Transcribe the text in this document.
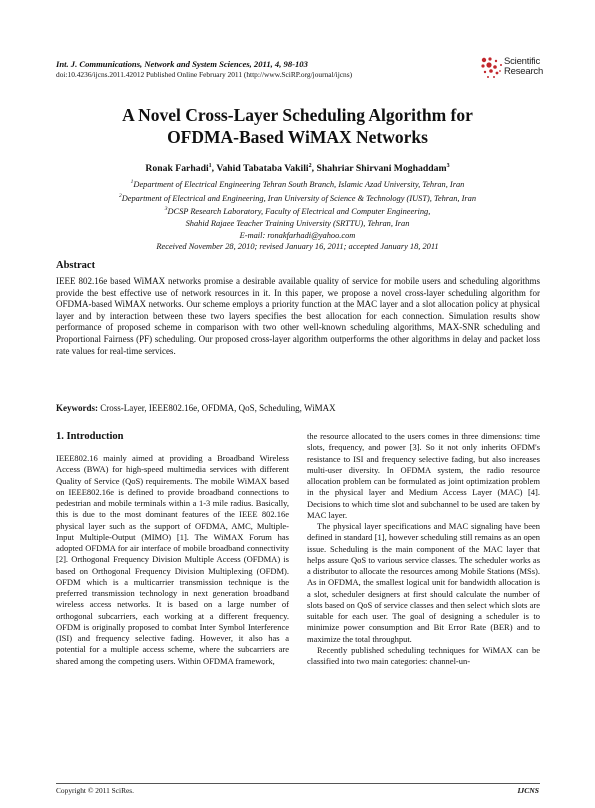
Int. J. Communications, Network and System Sciences, 2011, 4, 98-103
doi:10.4236/ijcns.2011.42012 Published Online February 2011 (http://www.SciRP.org/journal/ijcns)
Scientific
Research
A Novel Cross-Layer Scheduling Algorithm for
OFDMA-Based WiMAX Networks
Ronak Farhadi$^1$, Vahid Tabataba Vakili$^2$, Shahriar Shirvani Moghaddam$^3$
$^1$Department of Electrical Engineering Tehran South Branch, Islamic Azad University, Tehran, Iran
$^2$Department of Electrical and Engineering, Iran University of Science & Technology (IUST), Tehran, Iran
$^3$DCSP Research Laboratory, Faculty of Electrical and Computer Engineering,
Shahid Rajaee Teacher Training University (SRTTU), Tehran, Iran
E-mail: ronakfarhadi@yahoo.com
Received November 28, 2010; revised January 16, 2011; accepted January 18, 2011
Abstract
IEEE 802.16e based WiMAX networks promise a desirable available quality of service for mobile users and scheduling algorithms provide the best effective use of network resources in it. In this paper, we propose a novel cross-layer scheduling algorithm for OFDMA-based WiMAX networks. Our scheme employs a priority function at the MAC layer and a slot allocation policy at physical layer and by interaction between these two layers specifies the best allocation for each connection. Simulation results show performance of proposed scheme in comparison with two other well-known scheduling algorithms, MAX-SNR scheduling and Proportional Fairness (PF) scheduling. Our proposed cross-layer algorithm outperforms the other algorithms in delay and packet loss rate values for real-time services.
Keywords: Cross-Layer, IEEE802.16e, OFDMA, QoS, Scheduling, WiMAX
1. Introduction

IEEE802.16 mainly aimed at providing a Broadband Wireless Access (BWA) for high-speed multimedia services with different Quality of Service (QoS) requirements. The mobile WiMAX based on IEEE802.16e is defined to provide broadband connections to pedestrian and mobile terminals within a 1-3 mile radius. Basically, this is due to the most dominant features of the IEEE 802.16e physical layer such as the support of OFDMA, AMC, Multiple-Input Multiple-Output (MIMO) [1]. The WiMAX Forum has adopted OFDMA for air interface of mobile broadband connectivity [2]. Orthogonal Frequency Division Multiple Access (OFDMA) is based on Orthogonal Frequency Division Multiplexing (OFDM). OFDM which is a multicarrier transmission technique is the preferred transmission technology in next generation broadband wireless access networks. It is based on a large number of orthogonal subcarriers, each working at a different frequency. OFDM is originally proposed to combat Inter Symbol Interference (ISI) and frequency selective fading. However, it also has a potential for a multiple access scheme, where the subcarriers are shared among the competing users. Within OFDMA framework,

the resource allocated to the users comes in three dimensions: time slots, frequency, and power [3]. So it not only inherits OFDM's resistance to ISI and frequency selective fading, but also increases multi-user diversity. In OFDMA system, the radio resource allocation problem can be formulated as joint optimization problem in the physical layer and Medium Access Layer (MAC) [4]. Decisions to which time slot and subchannel to be used are taken by MAC layer.

The physical layer specifications and MAC signaling have been defined in standard [1], however scheduling still remains as an open issue. Scheduling is the main component of the MAC layer that helps assure QoS to various service classes. The scheduler works as a distributor to allocate the resources among Mobile Stations (MSs). As in OFDMA, the smallest logical unit for bandwidth allocation is a slot, scheduler designers at first should calculate the number of slots based on QoS of service classes and then select which slots are suitable for each user. The goal of designing a scheduler is to minimize power consumption and Bit Error Rate (BER) and to maximize the total throughput.

Recently published scheduling techniques for WiMAX can be classified into two main categories: channel-un-

Copyright © 2011 SciRes.	IJCNS
